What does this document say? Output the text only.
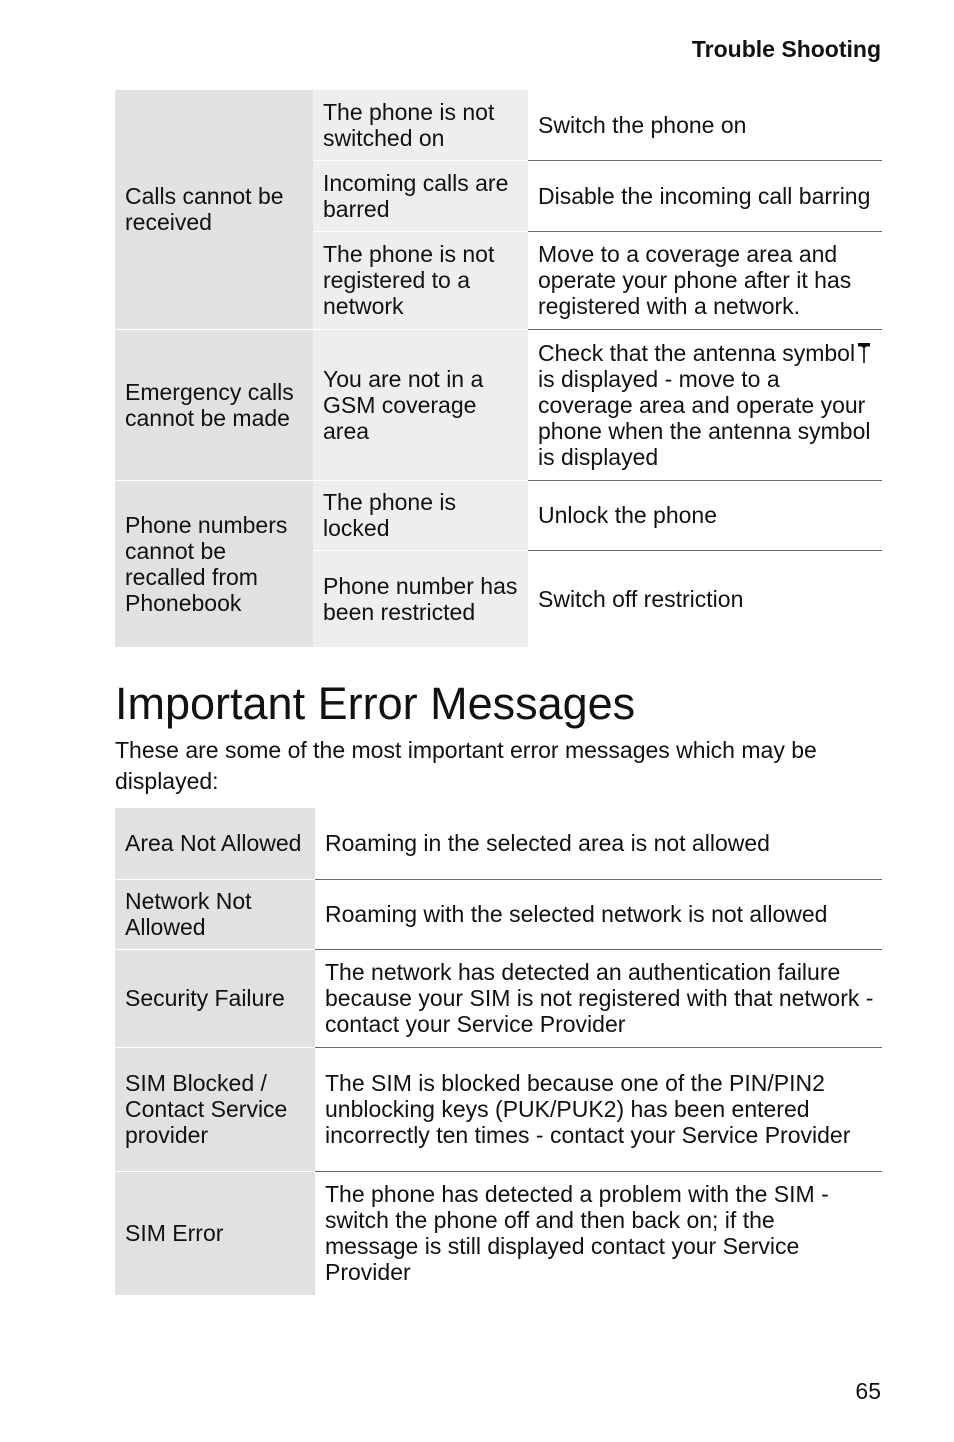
Trouble Shooting
Calls cannot be received	The phone is not switched on	Switch the phone on
	Incoming calls are barred	Disable the incoming call barring
	The phone is not registered to a network	Move to a coverage area and operate your phone after it has registered with a network.
Emergency calls cannot be made	You are not in a GSM coverage area	Check that the antenna symbolis displayed - move to a coverage area and operate your phone when the antenna symbol is displayed
Phone numbers cannot be recalled from Phonebook	The phone is locked	Unlock the phone
	Phone number has been restricted	Switch off restriction
Important Error Messages

These are some of the most important error messages which may be displayed:

Area Not Allowed	Roaming in the selected area is not allowed
Network Not Allowed	Roaming with the selected network is not allowed
Security Failure	The network has detected an authentication failure because your SIM is not registered with that network - contact your Service Provider
SIM Blocked / Contact Service provider	The SIM is blocked because one of the PIN/PIN2 unblocking keys (PUK/PUK2) has been entered incorrectly ten times - contact your Service Provider
SIM Error	The phone has detected a problem with the SIM - switch the phone off and then back on; if the message is still displayed contact your Service Provider
65
